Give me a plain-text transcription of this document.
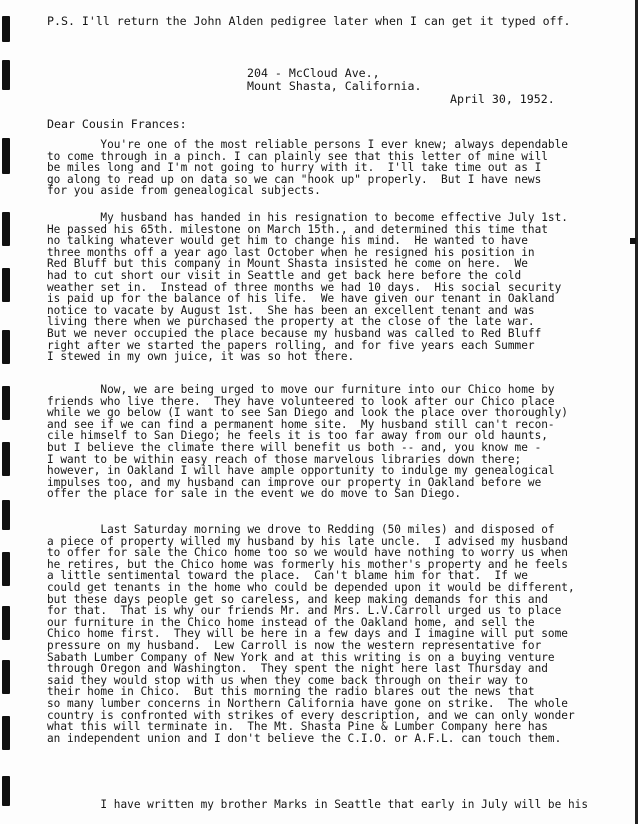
P.S. I'll return the John Alden pedigree later when I can get it typed off.

204 - McCloud Ave.,
Mount Shasta, California.

April 30, 1952.

Dear Cousin Frances:

You're one of the most reliable persons I ever knew; always dependable
to come through in a pinch. I can plainly see that this letter of mine will
be miles long and I'm not going to hurry with it.  I'll take time out as I
go along to read up on data so we can "hook up" properly.  But I have news
for you aside from genealogical subjects.

My husband has handed in his resignation to become effective July 1st.
He passed his 65th. milestone on March 15th., and determined this time that
no talking whatever would get him to change his mind.  He wanted to have
three months off a year ago last October when he resigned his position in
Red Bluff but this company in Mount Shasta insisted he come on here.  We
had to cut short our visit in Seattle and get back here before the cold
weather set in.  Instead of three months we had 10 days.  His social security
is paid up for the balance of his life.  We have given our tenant in Oakland
notice to vacate by August 1st.  She has been an excellent tenant and was
living there when we purchased the property at the close of the late war.
But we never occupied the place because my husband was called to Red Bluff
right after we started the papers rolling, and for five years each Summer
I stewed in my own juice, it was so hot there.

Now, we are being urged to move our furniture into our Chico home by
friends who live there.  They have volunteered to look after our Chico place
while we go below (I want to see San Diego and look the place over thoroughly)
and see if we can find a permanent home site.  My husband still can't recon-
cile himself to San Diego; he feels it is too far away from our old haunts,
but I believe the climate there will benefit us both -- and, you know me -
I want to be within easy reach of those marvelous libraries down there;
however, in Oakland I will have ample opportunity to indulge my genealogical
impulses too, and my husband can improve our property in Oakland before we
offer the place for sale in the event we do move to San Diego.

Last Saturday morning we drove to Redding (50 miles) and disposed of
a piece of property willed my husband by his late uncle.  I advised my husband
to offer for sale the Chico home too so we would have nothing to worry us when
he retires, but the Chico home was formerly his mother's property and he feels
a little sentimental toward the place.  Can't blame him for that.  If we
could get tenants in the home who could be depended upon it would be different,
but these days people get so careless, and keep making demands for this and
for that.  That is why our friends Mr. and Mrs. L.V.Carroll urged us to place
our furniture in the Chico home instead of the Oakland home, and sell the
Chico home first.  They will be here in a few days and I imagine will put some
pressure on my husband.  Lew Carroll is now the western representative for
Sabath Lumber Company of New York and at this writing is on a buying venture
through Oregon and Washington.  They spent the night here last Thursday and
said they would stop with us when they come back through on their way to
their home in Chico.  But this morning the radio blares out the news that
so many lumber concerns in Northern California have gone on strike.  The whole
country is confronted with strikes of every description, and we can only wonder
what this will terminate in.  The Mt. Shasta Pine & Lumber Company here has
an independent union and I don't believe the C.I.O. or A.F.L. can touch them.

I have written my brother Marks in Seattle that early in July will be his
